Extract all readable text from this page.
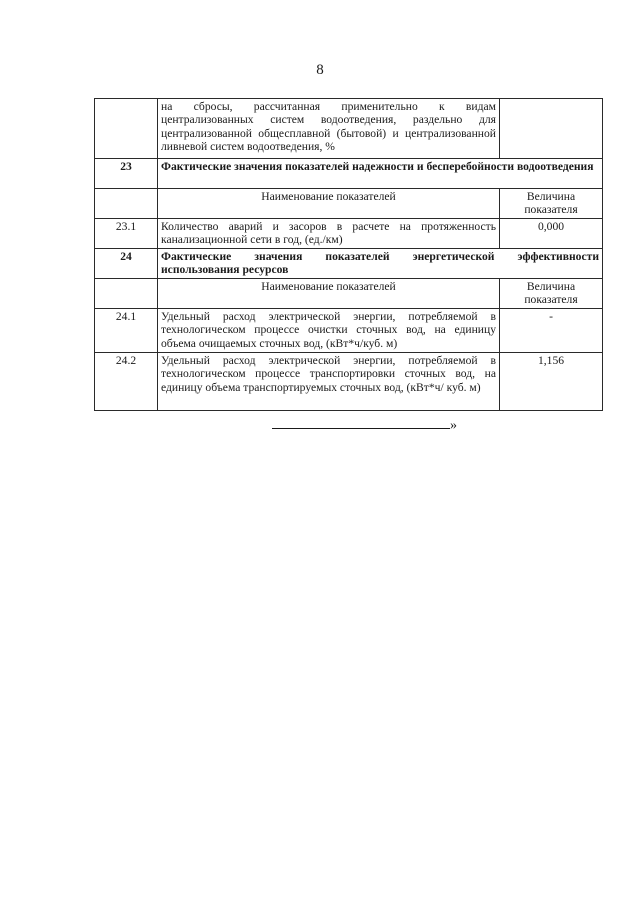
8
	на сбросы, рассчитанная применительно к видам централизованных систем водоотведения, раздельно для централизованной общесплавной (бытовой) и централизованной ливневой систем водоотведения, %	
23	Фактические значения показателей надежности и бесперебойности водоотведения	
	Наименование показателей	Величина показателя
23.1	Количество аварий и засоров в расчете на протяженность канализационной сети в год, (ед./км)	0,000
24	Фактические значения показателей энергетической эффективности использования ресурсов	
	Наименование показателей	Величина показателя
24.1	Удельный расход электрической энергии, потребляемой в технологическом процессе очистки сточных вод, на единицу объема очищаемых сточных вод, (кВт*ч/куб. м)	-
24.2	Удельный расход электрической энергии, потребляемой в технологическом процессе транспортировки сточных вод, на единицу объема транспортируемых сточных вод, (кВт*ч/ куб. м)	1,156
»
